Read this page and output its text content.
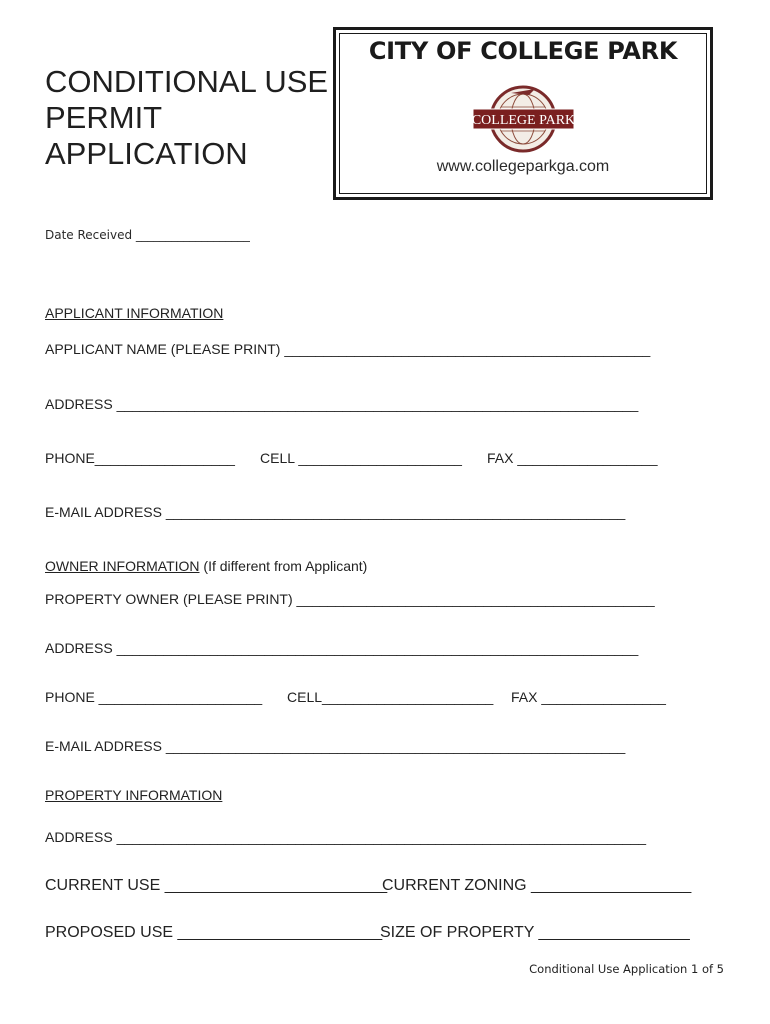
CONDITIONAL USE
PERMIT
APPLICATION
CITY OF COLLEGE PARK
COLLEGE PARK
www.collegeparkga.com
Date Received ___________________
APPLICANT INFORMATION
APPLICANT NAME (PLEASE PRINT) _______________________________________________
ADDRESS ___________________________________________________________________
PHONE__________________ CELL _____________________ FAX __________________
E-MAIL ADDRESS ___________________________________________________________
OWNER INFORMATION (If different from Applicant)
PROPERTY OWNER (PLEASE PRINT) ______________________________________________
ADDRESS ___________________________________________________________________
PHONE _____________________ CELL______________________ FAX ________________
E-MAIL ADDRESS ___________________________________________________________
PROPERTY INFORMATION
ADDRESS ____________________________________________________________________
CURRENT USE _________________________
CURRENT ZONING __________________
PROPOSED USE _______________________
SIZE OF PROPERTY _________________
Conditional Use Application 1 of 5
